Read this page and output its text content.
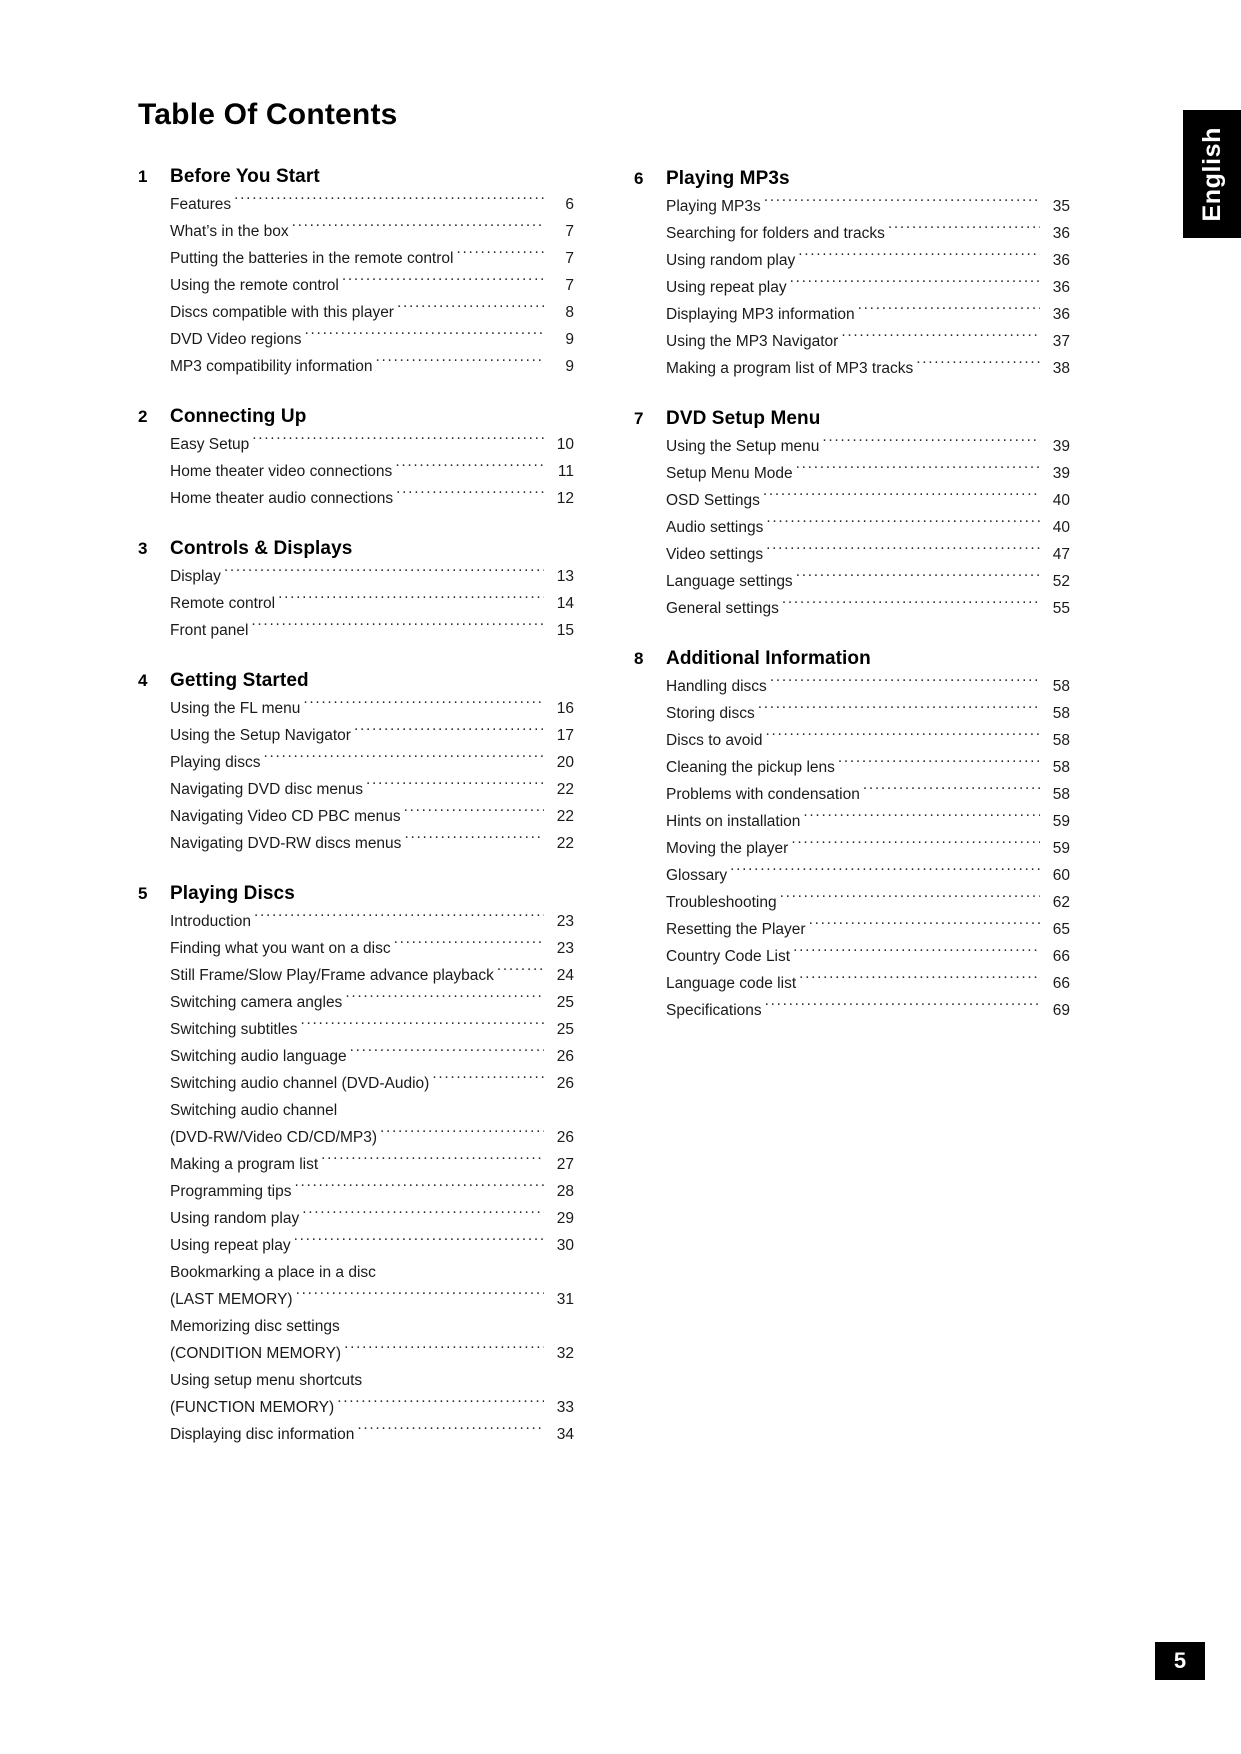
English
Table Of Contents
1	Before You Start
Features .....	6
What’s in the box .....	7
Putting the batteries in the remote control .....	7
Using the remote control .....	7
Discs compatible with this player .....	8
DVD Video regions .....	9
MP3 compatibility information .....	9
2	Connecting Up
Easy Setup .....	10
Home theater video connections .....	11
Home theater audio connections .....	12
3	Controls & Displays
Display .....	13
Remote control .....	14
Front panel .....	15
4	Getting Started
Using the FL menu .....	16
Using the Setup Navigator .....	17
Playing discs .....	20
Navigating DVD disc menus .....	22
Navigating Video CD PBC menus .....	22
Navigating DVD-RW discs menus .....	22
5	Playing Discs
Introduction .....	23
Finding what you want on a disc .....	23
Still Frame/Slow Play/Frame advance playback .....	24
Switching camera angles .....	25
Switching subtitles .....	25
Switching audio language .....	26
Switching audio channel (DVD-Audio) .....	26
Switching audio channel
(DVD-RW/Video CD/CD/MP3) .....	26
Making a program list .....	27
Programming tips .....	28
Using random play .....	29
Using repeat play .....	30
Bookmarking a place in a disc
(LAST MEMORY) .....	31
Memorizing disc settings
(CONDITION MEMORY) .....	32
Using setup menu shortcuts
(FUNCTION MEMORY) .....	33
Displaying disc information .....	34
6	Playing MP3s
Playing MP3s .....	35
Searching for folders and tracks .....	36
Using random play .....	36
Using repeat play .....	36
Displaying MP3 information .....	36
Using the MP3 Navigator .....	37
Making a program list of MP3 tracks .....	38
7	DVD Setup Menu
Using the Setup menu .....	39
Setup Menu Mode .....	39
OSD Settings .....	40
Audio settings .....	40
Video settings .....	47
Language settings .....	52
General settings .....	55
8	Additional Information
Handling discs .....	58
Storing discs .....	58
Discs to avoid .....	58
Cleaning the pickup lens .....	58
Problems with condensation .....	58
Hints on installation .....	59
Moving the player .....	59
Glossary .....	60
Troubleshooting .....	62
Resetting the Player .....	65
Country Code List .....	66
Language code list .....	66
Specifications .....	69
5
